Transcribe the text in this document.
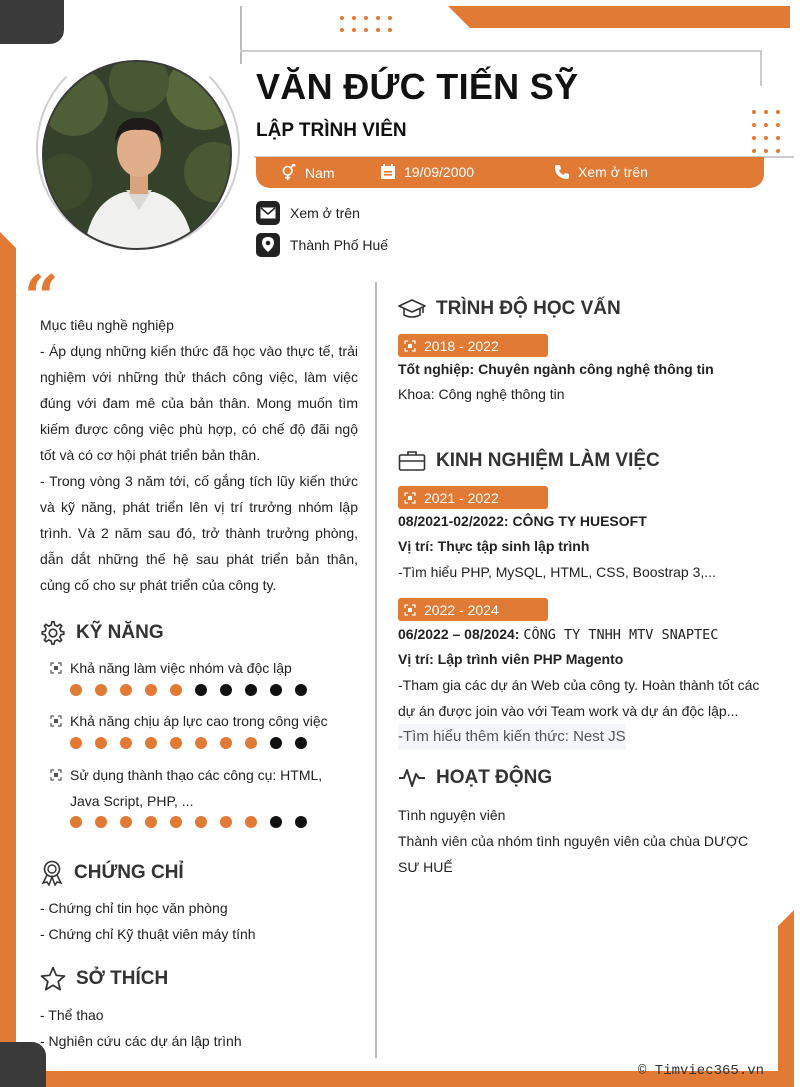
VĂN ĐỨC TIẾN SỸ
LẬP TRÌNH VIÊN
Nam	19/09/2000	Xem ở trên
Xem ở trên
Thành Phố Huế
“
Mục tiêu nghề nghiệp
- Áp dụng những kiến thức đã học vào thực tế, trải nghiệm với những thử thách công việc, làm việc đúng với đam mê của bản thân. Mong muốn tìm kiếm được công việc phù hợp, có chế độ đãi ngộ tốt và có cơ hội phát triển bản thân.
- Trong vòng 3 năm tới, cố gắng tích lũy kiến thức và kỹ năng, phát triển lên vị trí trưởng nhóm lập trình. Và 2 năm sau đó, trở thành trưởng phòng, dẫn dắt những thế hệ sau phát triển bản thân, củng cố cho sự phát triển của công ty.
KỸ NĂNG
Khả năng làm việc nhóm và độc lập
Khả năng chịu áp lực cao trong công việc
Sử dụng thành thạo các công cụ: HTML, Java Script, PHP, ...
CHỨNG CHỈ
- Chứng chỉ tin học văn phòng
- Chứng chỉ Kỹ thuật viên máy tính
SỞ THÍCH
- Thể thao
- Nghiên cứu các dự án lập trình
TRÌNH ĐỘ HỌC VẤN
2018 - 2022
Tốt nghiệp: Chuyên ngành công nghệ thông tin
Khoa: Công nghệ thông tin
KINH NGHIỆM LÀM VIỆC
2021 - 2022
08/2021-02/2022: CÔNG TY HUESOFT
Vị trí: Thực tập sinh lập trình
-Tìm hiểu PHP, MySQL, HTML, CSS, Boostrap 3,...
2022 - 2024
06/2022 – 08/2024: CÔNG TY TNHH MTV SNAPTEC
Vị trí: Lập trình viên PHP Magento
-Tham gia các dự án Web của công ty. Hoàn thành tốt các dự án được join vào với Team work và dự án độc lập...
-Tìm hiểu thêm kiến thức: Nest JS
HOẠT ĐỘNG
Tình nguyện viên
Thành viên của nhóm tình nguyên viên của chùa DƯỢC SƯ HUẾ
© Timviec365.vn
